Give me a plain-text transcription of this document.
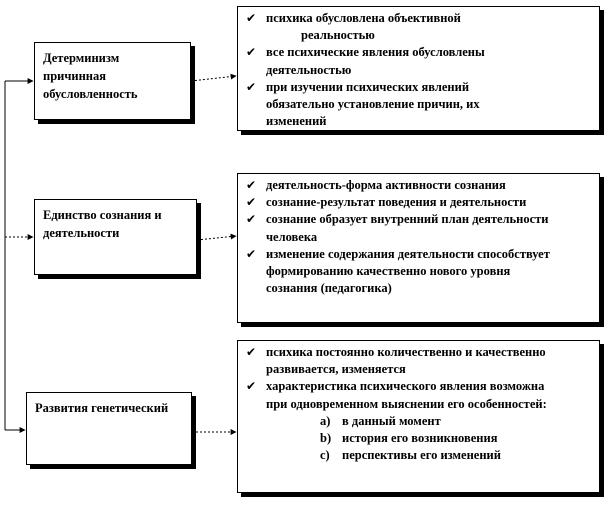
Детерминизм причинная обусловленность
Единство сознания и деятельности
Развития генетический
✔ психика обусловлена объективной
реальностью
✔ все психические явления обусловлены
деятельностью
✔ при изучении психических явлений
обязательно установление причин, их
изменений
✔ деятельность-форма активности сознания
✔ сознание-результат поведения и деятельности
✔ сознание образует внутренний план деятельности человека
✔ изменение содержания деятельности способствует формированию качественно нового уровня сознания (педагогика)
✔ психика постоянно количественно и качественно развивается, изменяется
✔ характеристика психического явления возможна при одновременном выяснении его особенностей:
a) в данный момент
b) история его возникновения
c) перспективы его изменений
